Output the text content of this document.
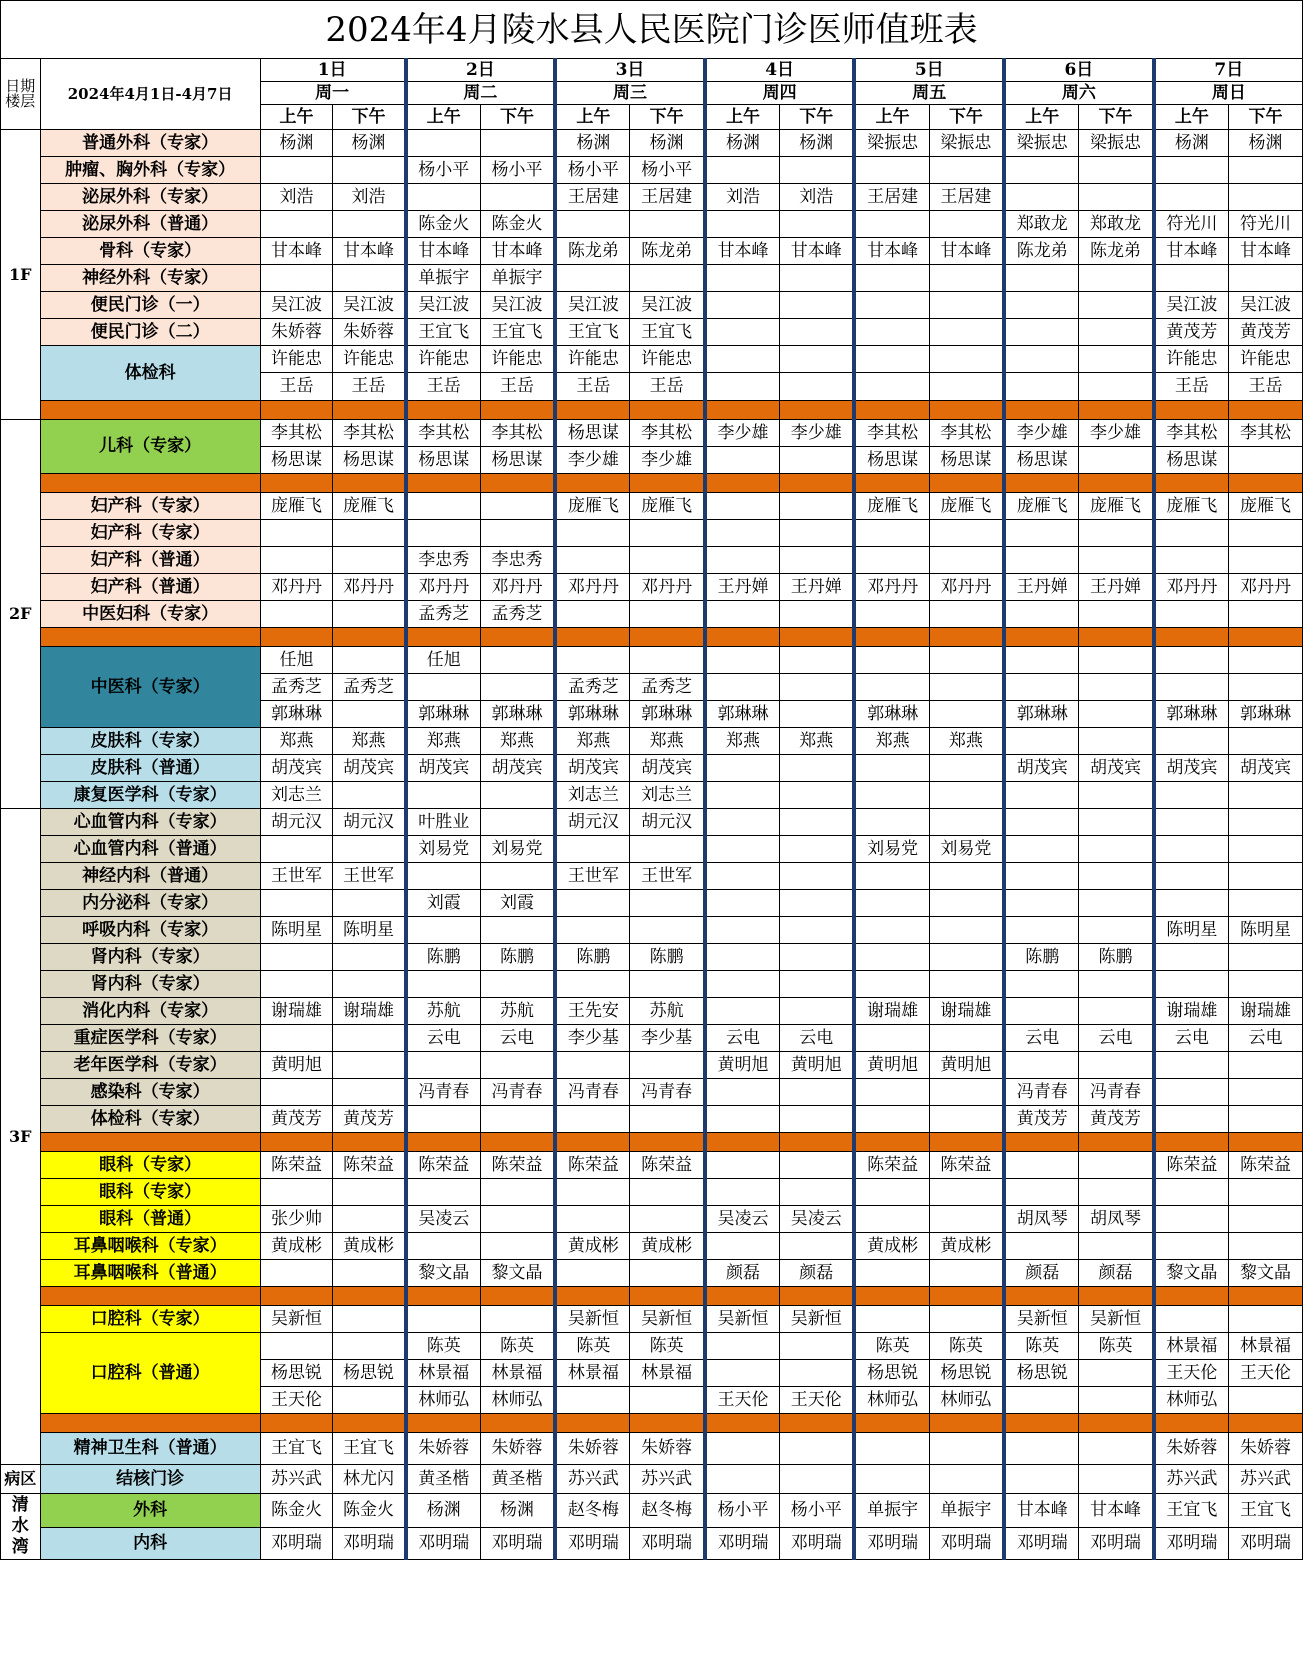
2024年4月陵水县人民医院门诊医师值班表															
日期
楼层	2024年4月1日-4月7日	1日		2日		3日		4日		5日		6日		7日	
		周一		周二		周三		周四		周五		周六		周日	
		上午	下午	上午	下午	上午	下午	上午	下午	上午	下午	上午	下午	上午	下午
1F	普通外科（专家）	杨渊	杨渊			杨渊	杨渊	杨渊	杨渊	梁振忠	梁振忠	梁振忠	梁振忠	杨渊	杨渊
	肿瘤、胸外科（专家）			杨小平	杨小平	杨小平	杨小平								
	泌尿外科（专家）	刘浩	刘浩			王居建	王居建	刘浩	刘浩	王居建	王居建				
	泌尿外科（普通）			陈金火	陈金火							郑敢龙	郑敢龙	符光川	符光川
	骨科（专家）	甘本峰	甘本峰	甘本峰	甘本峰	陈龙弟	陈龙弟	甘本峰	甘本峰	甘本峰	甘本峰	陈龙弟	陈龙弟	甘本峰	甘本峰
	神经外科（专家）			单振宇	单振宇										
	便民门诊（一）	吴江波	吴江波	吴江波	吴江波	吴江波	吴江波							吴江波	吴江波
	便民门诊（二）	朱娇蓉	朱娇蓉	王宜飞	王宜飞	王宜飞	王宜飞							黄茂芳	黄茂芳
	体检科	许能忠	许能忠	许能忠	许能忠	许能忠	许能忠							许能忠	许能忠
		王岳	王岳	王岳	王岳	王岳	王岳							王岳	王岳

2F	儿科（专家）	李其松	李其松	李其松	李其松	杨思谋	李其松	李少雄	李少雄	李其松	李其松	李少雄	李少雄	李其松	李其松
		杨思谋	杨思谋	杨思谋	杨思谋	李少雄	李少雄			杨思谋	杨思谋	杨思谋		杨思谋	

	妇产科（专家）	庞雁飞	庞雁飞			庞雁飞	庞雁飞			庞雁飞	庞雁飞	庞雁飞	庞雁飞	庞雁飞	庞雁飞
	妇产科（专家）														
	妇产科（普通）			李忠秀	李忠秀										
	妇产科（普通）	邓丹丹	邓丹丹	邓丹丹	邓丹丹	邓丹丹	邓丹丹	王丹婵	王丹婵	邓丹丹	邓丹丹	王丹婵	王丹婵	邓丹丹	邓丹丹
	中医妇科（专家）			孟秀芝	孟秀芝										

	中医科（专家）	任旭		任旭											
		孟秀芝	孟秀芝			孟秀芝	孟秀芝								
		郭琳琳		郭琳琳	郭琳琳	郭琳琳	郭琳琳	郭琳琳		郭琳琳		郭琳琳		郭琳琳	郭琳琳
	皮肤科（专家）	郑燕	郑燕	郑燕	郑燕	郑燕	郑燕	郑燕	郑燕	郑燕	郑燕				
	皮肤科（普通）	胡茂宾	胡茂宾	胡茂宾	胡茂宾	胡茂宾	胡茂宾					胡茂宾	胡茂宾	胡茂宾	胡茂宾
	康复医学科（专家）	刘志兰				刘志兰	刘志兰								
3F	心血管内科（专家）	胡元汉	胡元汉	叶胜业		胡元汉	胡元汉								
	心血管内科（普通）			刘易党	刘易党					刘易党	刘易党				
	神经内科（普通）	王世军	王世军			王世军	王世军								
	内分泌科（专家）			刘霞	刘霞										
	呼吸内科（专家）	陈明星	陈明星											陈明星	陈明星
	肾内科（专家）			陈鹏	陈鹏	陈鹏	陈鹏					陈鹏	陈鹏		
	肾内科（专家）														
	消化内科（专家）	谢瑞雄	谢瑞雄	苏航	苏航	王先安	苏航			谢瑞雄	谢瑞雄			谢瑞雄	谢瑞雄
	重症医学科（专家）			云电	云电	李少基	李少基	云电	云电			云电	云电	云电	云电
	老年医学科（专家）	黄明旭						黄明旭	黄明旭	黄明旭	黄明旭				
	感染科（专家）			冯青春	冯青春	冯青春	冯青春					冯青春	冯青春		
	体检科（专家）	黄茂芳	黄茂芳									黄茂芳	黄茂芳		

	眼科（专家）	陈荣益	陈荣益	陈荣益	陈荣益	陈荣益	陈荣益			陈荣益	陈荣益			陈荣益	陈荣益
	眼科（专家）														
	眼科（普通）	张少帅		吴凌云				吴凌云	吴凌云			胡凤琴	胡凤琴		
	耳鼻咽喉科（专家）	黄成彬	黄成彬			黄成彬	黄成彬			黄成彬	黄成彬				
	耳鼻咽喉科（普通）			黎文晶	黎文晶			颜磊	颜磊			颜磊	颜磊	黎文晶	黎文晶

	口腔科（专家）	吴新恒				吴新恒	吴新恒	吴新恒	吴新恒			吴新恒	吴新恒		
	口腔科（普通）			陈英	陈英	陈英	陈英			陈英	陈英	陈英	陈英	林景福	林景福
		杨思锐	杨思锐	林景福	林景福	林景福	林景福			杨思锐	杨思锐	杨思锐		王天伦	王天伦
		王天伦		林师弘	林师弘			王天伦	王天伦	林师弘	林师弘			林师弘	

	精神卫生科（普通）	王宜飞	王宜飞	朱娇蓉	朱娇蓉	朱娇蓉	朱娇蓉							朱娇蓉	朱娇蓉
病区	结核门诊	苏兴武	林尤闪	黄圣楷	黄圣楷	苏兴武	苏兴武							苏兴武	苏兴武
清
水
湾	外科	陈金火	陈金火	杨渊	杨渊	赵冬梅	赵冬梅	杨小平	杨小平	单振宇	单振宇	甘本峰	甘本峰	王宜飞	王宜飞
	内科	邓明瑞	邓明瑞	邓明瑞	邓明瑞	邓明瑞	邓明瑞	邓明瑞	邓明瑞	邓明瑞	邓明瑞	邓明瑞	邓明瑞	邓明瑞	邓明瑞
